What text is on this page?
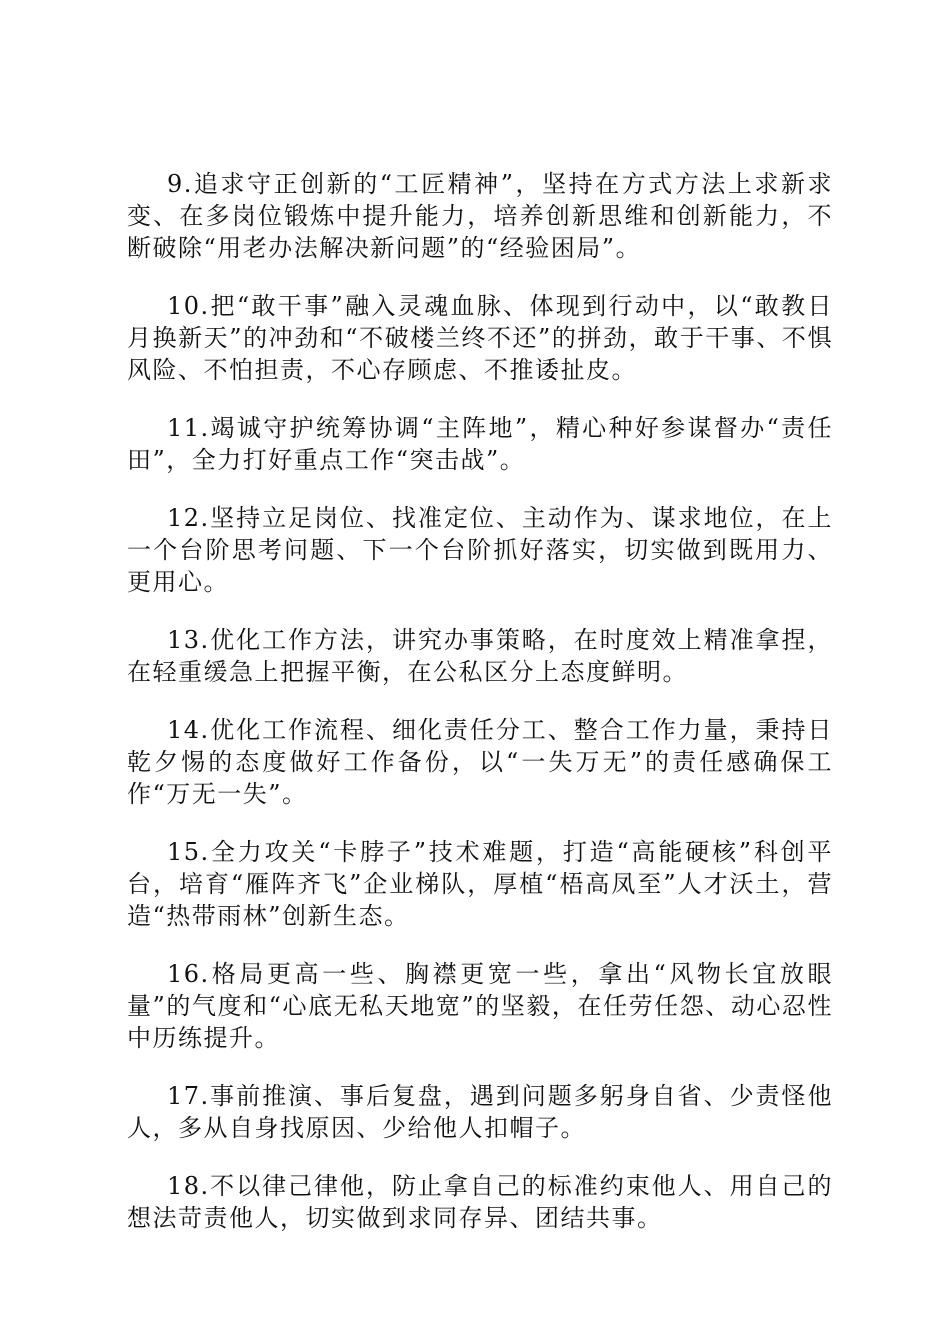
9.追求守正创新的“工匠精神”，坚持在方式方法上求新求变、在多岗位锻炼中提升能力，培养创新思维和创新能力，不断破除“用老办法解决新问题”的“经验困局”。

10.把“敢干事”融入灵魂血脉、体现到行动中，以“敢教日月换新天”的冲劲和“不破楼兰终不还”的拼劲，敢于干事、不惧风险、不怕担责，不心存顾虑、不推诿扯皮。

11.竭诚守护统筹协调“主阵地”，精心种好参谋督办“责任田”，全力打好重点工作“突击战”。

12.坚持立足岗位、找准定位、主动作为、谋求地位，在上一个台阶思考问题、下一个台阶抓好落实，切实做到既用力、更用心。

13.优化工作方法，讲究办事策略，在时度效上精准拿捏，在轻重缓急上把握平衡，在公私区分上态度鲜明。

14.优化工作流程、细化责任分工、整合工作力量，秉持日乾夕惕的态度做好工作备份，以“一失万无”的责任感确保工作“万无一失”。

15.全力攻关“卡脖子”技术难题，打造“高能硬核”科创平台，培育“雁阵齐飞”企业梯队，厚植“梧高凤至”人才沃土，营造“热带雨林”创新生态。

16.格局更高一些、胸襟更宽一些，拿出“风物长宜放眼量”的气度和“心底无私天地宽”的坚毅，在任劳任怨、动心忍性中历练提升。

17.事前推演、事后复盘，遇到问题多躬身自省、少责怪他人，多从自身找原因、少给他人扣帽子。

18.不以律己律他，防止拿自己的标准约束他人、用自己的想法苛责他人，切实做到求同存异、团结共事。
